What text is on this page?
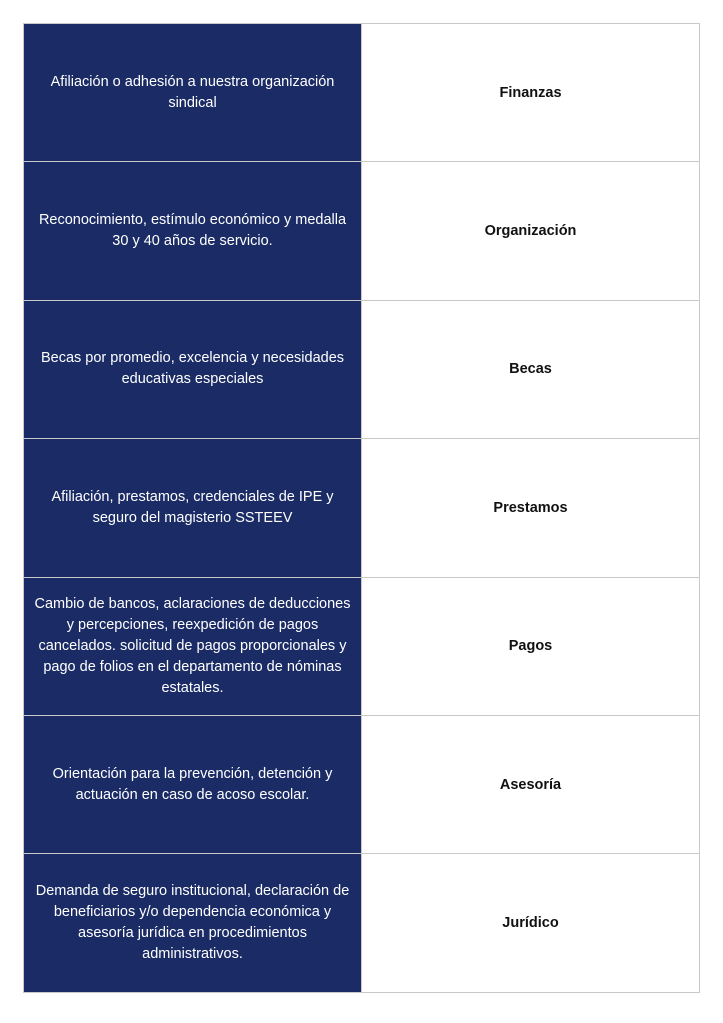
Afiliación o adhesión a nuestra organización sindical
Finanzas
Reconocimiento, estímulo económico y medalla 30 y 40 años de servicio.
Organización
Becas por promedio, excelencia y necesidades educativas especiales
Becas
Afiliación, prestamos, credenciales de IPE y seguro del magisterio SSTEEV
Prestamos
Cambio de bancos, aclaraciones de deducciones y percepciones, reexpedición de pagos cancelados. solicitud de pagos proporcionales y pago de folios en el departamento de nóminas estatales.
Pagos
Orientación para la prevención, detención y actuación en caso de acoso escolar.
Asesoría
Demanda de seguro institucional, declaración de beneficiarios y/o dependencia económica y asesoría jurídica en procedimientos administrativos.
Jurídico
